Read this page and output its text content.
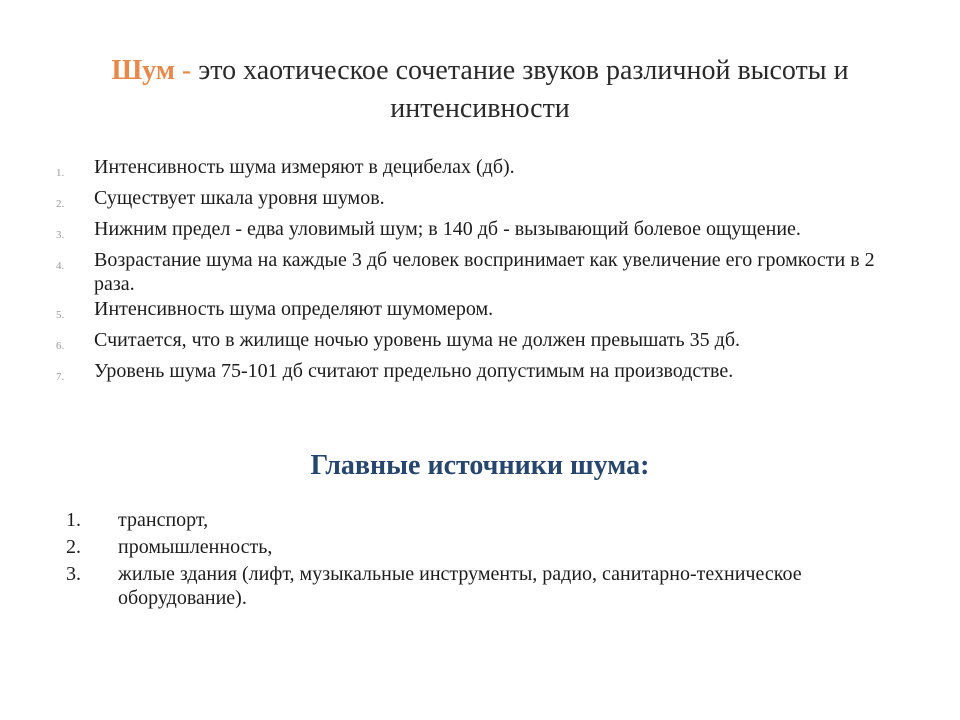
Шум - это хаотическое сочетание звуков различной высоты и интенсивности
1.	Интенсивность шума измеряют в децибелах (дб).
2.	Существует шкала уровня шумов.
3.	Нижним предел - едва уловимый шум; в 140 дб - вызывающий болевое ощущение.
4.	Возрастание шума на каждые 3 дб человек воспринимает как увеличение его громкости в 2 раза.
5.	Интенсивность шума определяют шумомером.
6.	Считается, что в жилище ночью уровень шума не должен превышать 35 дб.
7.	Уровень шума 75-101 дб считают предельно допустимым на производстве.
Главные источники шума:
1.	транспорт,
2.	промышленность,
3.	жилые здания (лифт, музыкальные инструменты, радио, санитарно-техническое оборудование).
